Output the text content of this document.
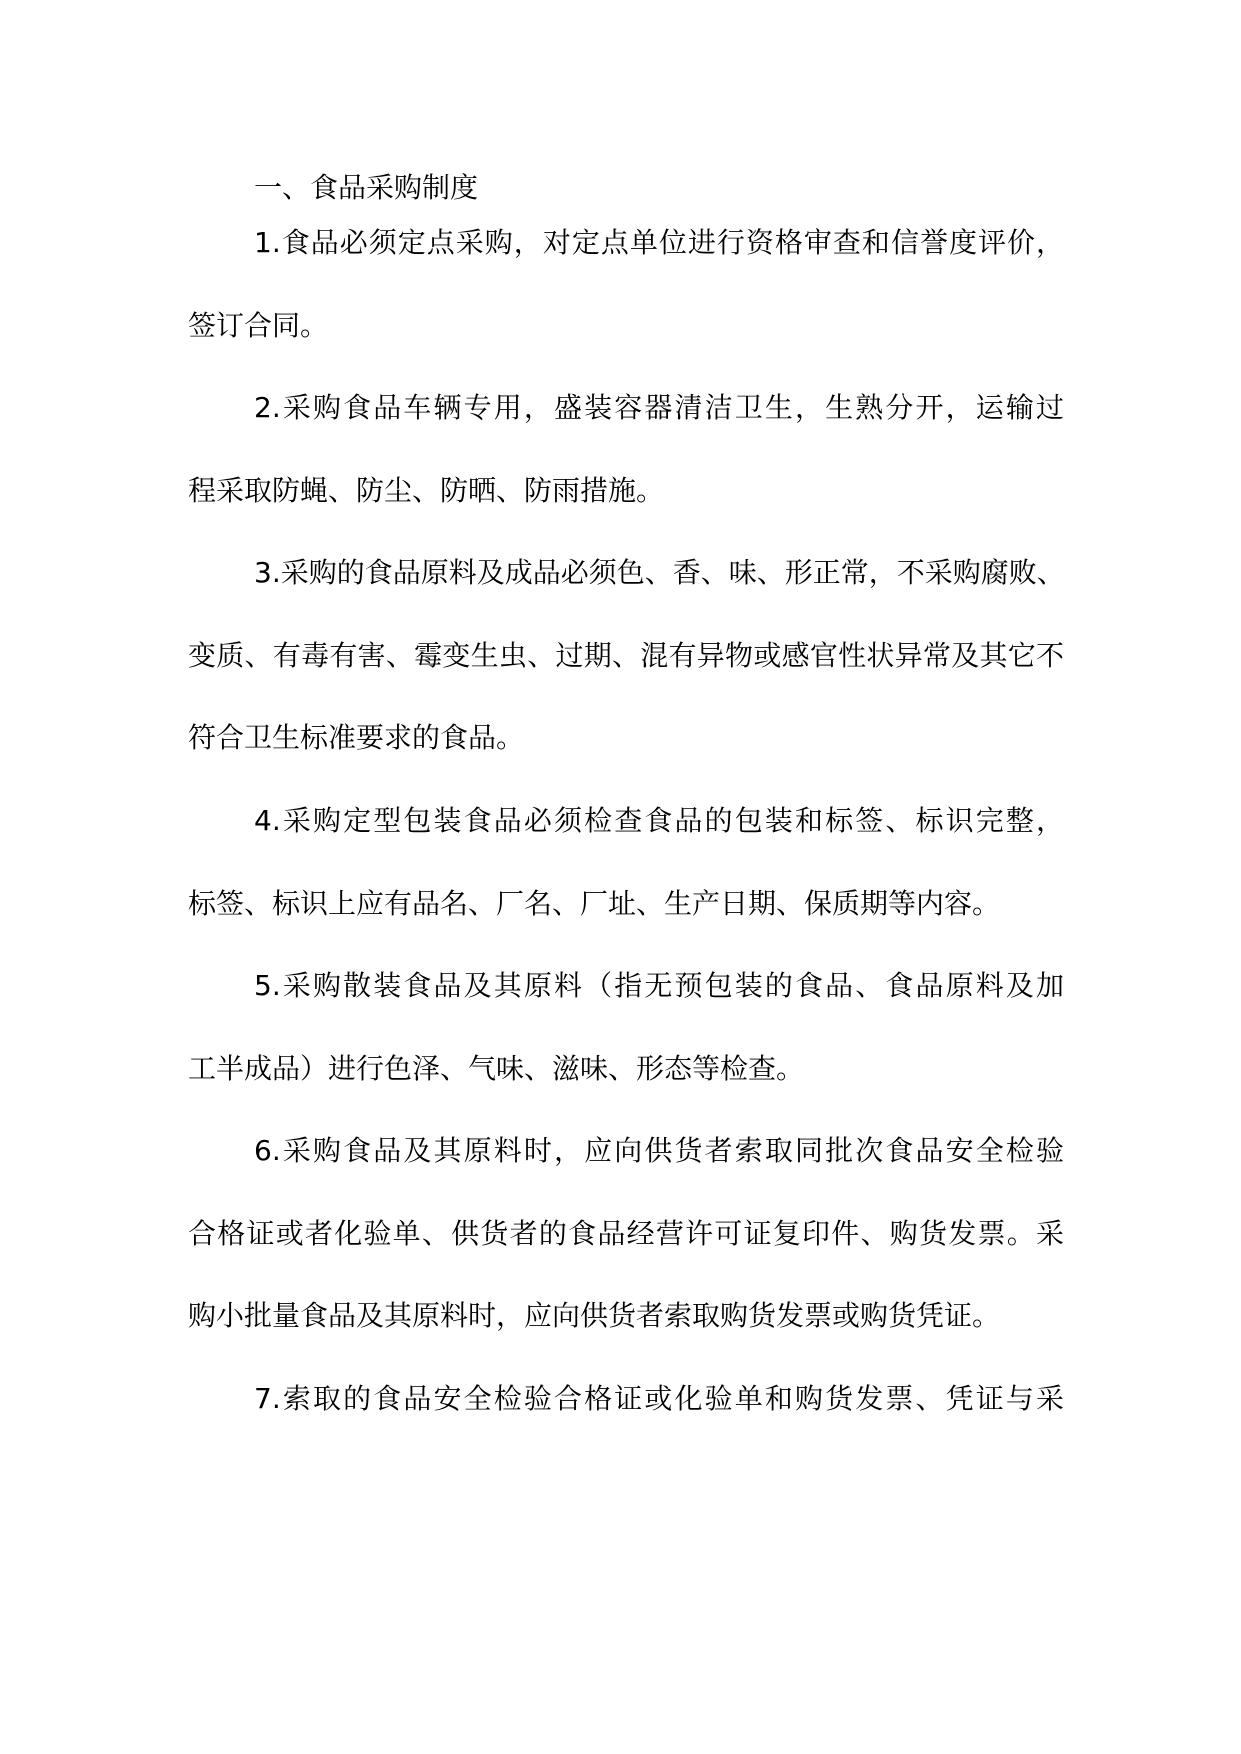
一、食品采购制度
1.食品必须定点采购，对定点单位进行资格审查和信誉度评价，
签订合同。
2.采购食品车辆专用，盛装容器清洁卫生，生熟分开，运输过
程采取防蝇、防尘、防晒、防雨措施。
3.采购的食品原料及成品必须色、香、味、形正常，不采购腐败、
变质、有毒有害、霉变生虫、过期、混有异物或感官性状异常及其它不
符合卫生标准要求的食品。
4.采购定型包装食品必须检查食品的包装和标签、标识完整，
标签、标识上应有品名、厂名、厂址、生产日期、保质期等内容。
5.采购散装食品及其原料（指无预包装的食品、食品原料及加
工半成品）进行色泽、气味、滋味、形态等检查。
6.采购食品及其原料时，应向供货者索取同批次食品安全检验
合格证或者化验单、供货者的食品经营许可证复印件、购货发票。采
购小批量食品及其原料时，应向供货者索取购货发票或购货凭证。
7.索取的食品安全检验合格证或化验单和购货发票、凭证与采
